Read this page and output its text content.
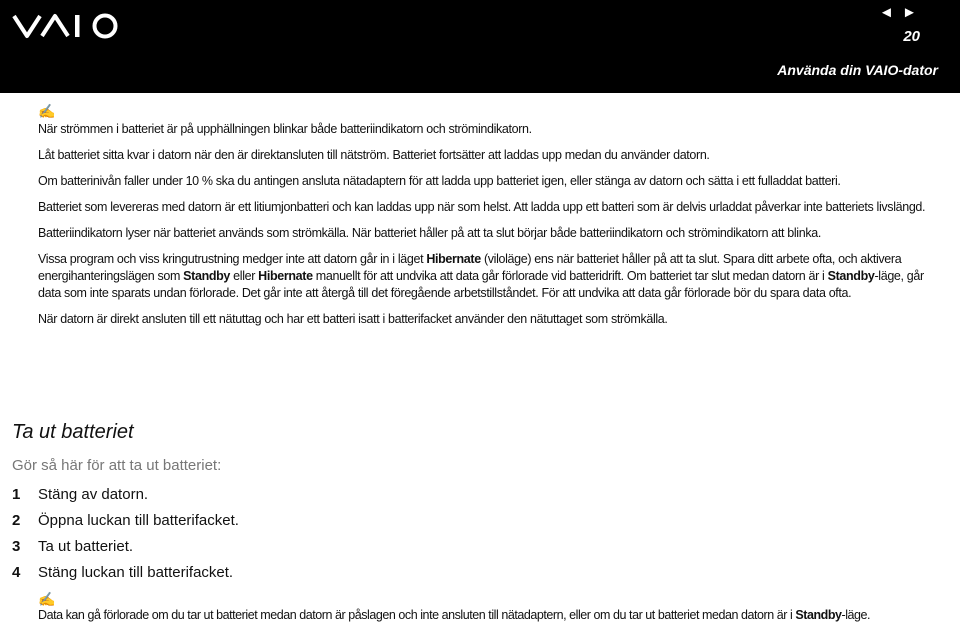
◄ ►
20
Använda din VAIO-dator
✍

När strömmen i batteriet är på upphällningen blinkar både batteriindikatorn och strömindikatorn.

Låt batteriet sitta kvar i datorn när den är direktansluten till nätström. Batteriet fortsätter att laddas upp medan du använder datorn.

Om batterinivån faller under 10 % ska du antingen ansluta nätadaptern för att ladda upp batteriet igen, eller stänga av datorn och sätta i ett fulladdat batteri.

Batteriet som levereras med datorn är ett litiumjonbatteri och kan laddas upp när som helst. Att ladda upp ett batteri som är delvis urladdat påverkar inte batteriets livslängd.

Batteriindikatorn lyser när batteriet används som strömkälla. När batteriet håller på att ta slut börjar både batteriindikatorn och strömindikatorn att blinka.

Vissa program och viss kringutrustning medger inte att datorn går in i läget Hibernate (viloläge) ens när batteriet håller på att ta slut. Spara ditt arbete ofta, och aktivera energihanteringslägen som Standby eller Hibernate manuellt för att undvika att data går förlorade vid batteridrift. Om batteriet tar slut medan datorn är i Standby-läge, går data som inte sparats undan förlorade. Det går inte att återgå till det föregående arbetstillståndet. För att undvika att data går förlorade bör du spara data ofta.

När datorn är direkt ansluten till ett nätuttag och har ett batteri isatt i batterifacket använder den nätuttaget som strömkälla.

Ta ut batteriet
Gör så här för att ta ut batteriet:
1 Stäng av datorn.
2 Öppna luckan till batterifacket.
3 Ta ut batteriet.
4 Stäng luckan till batterifacket.
✍
Data kan gå förlorade om du tar ut batteriet medan datorn är påslagen och inte ansluten till nätadaptern, eller om du tar ut batteriet medan datorn är i Standby-läge.
